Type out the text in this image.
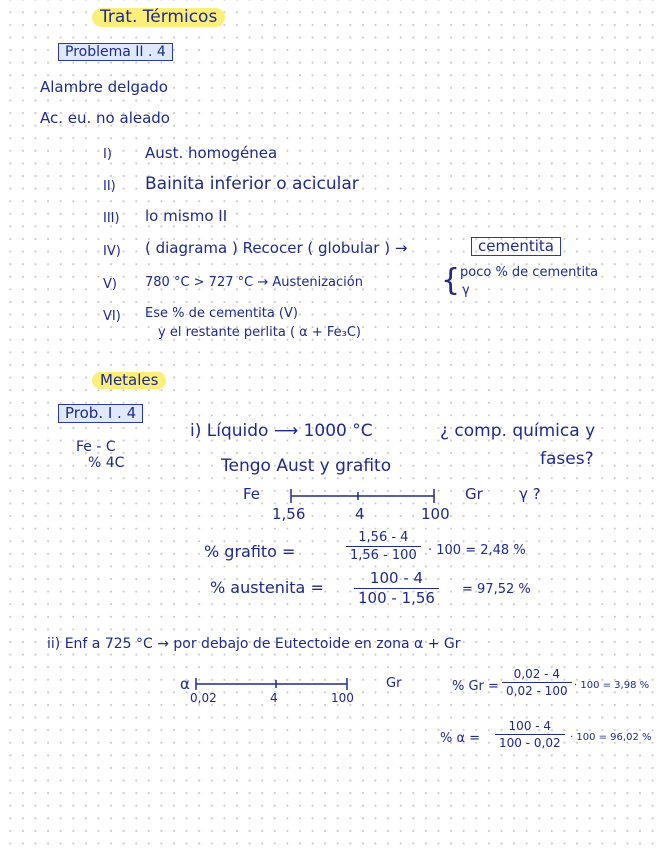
Trat. Térmicos
Problema II . 4
Alambre delgado
Ac. eu. no aleado
I) Aust. homogénea
II) Bainita inferior o acicular
III) lo mismo II
IV) ( diagrama ) Recocer ( globular ) →	cementita
V) 780 °C > 727 °C → Austenización	{ poco % de cementita
γ
VI) Ese % de cementita (V)
y el restante perlita ( α + Fe₃C)
Metales
Prob. I . 4
Fe - C
% 4C
i) Líquido ⟶ 1000 °C	¿ comp. química y
fases?
Tengo Aust y grafito
Fe	Gr γ ?
1,56	4	100
% grafito =
1,56 - 4
1,56 - 100 · 100 = 2,48 %
% austenita =	100 - 4
100 - 1,56	= 97,52 %
ii) Enf a 725 °C → por debajo de Eutectoide en zona α + Gr
α	Gr
0,02	4	100
% Gr =
0,02 - 4
0,02 - 100 · 100 = 3,98 %
% α =
100 - 4
100 - 0,02 · 100 = 96,02 %
